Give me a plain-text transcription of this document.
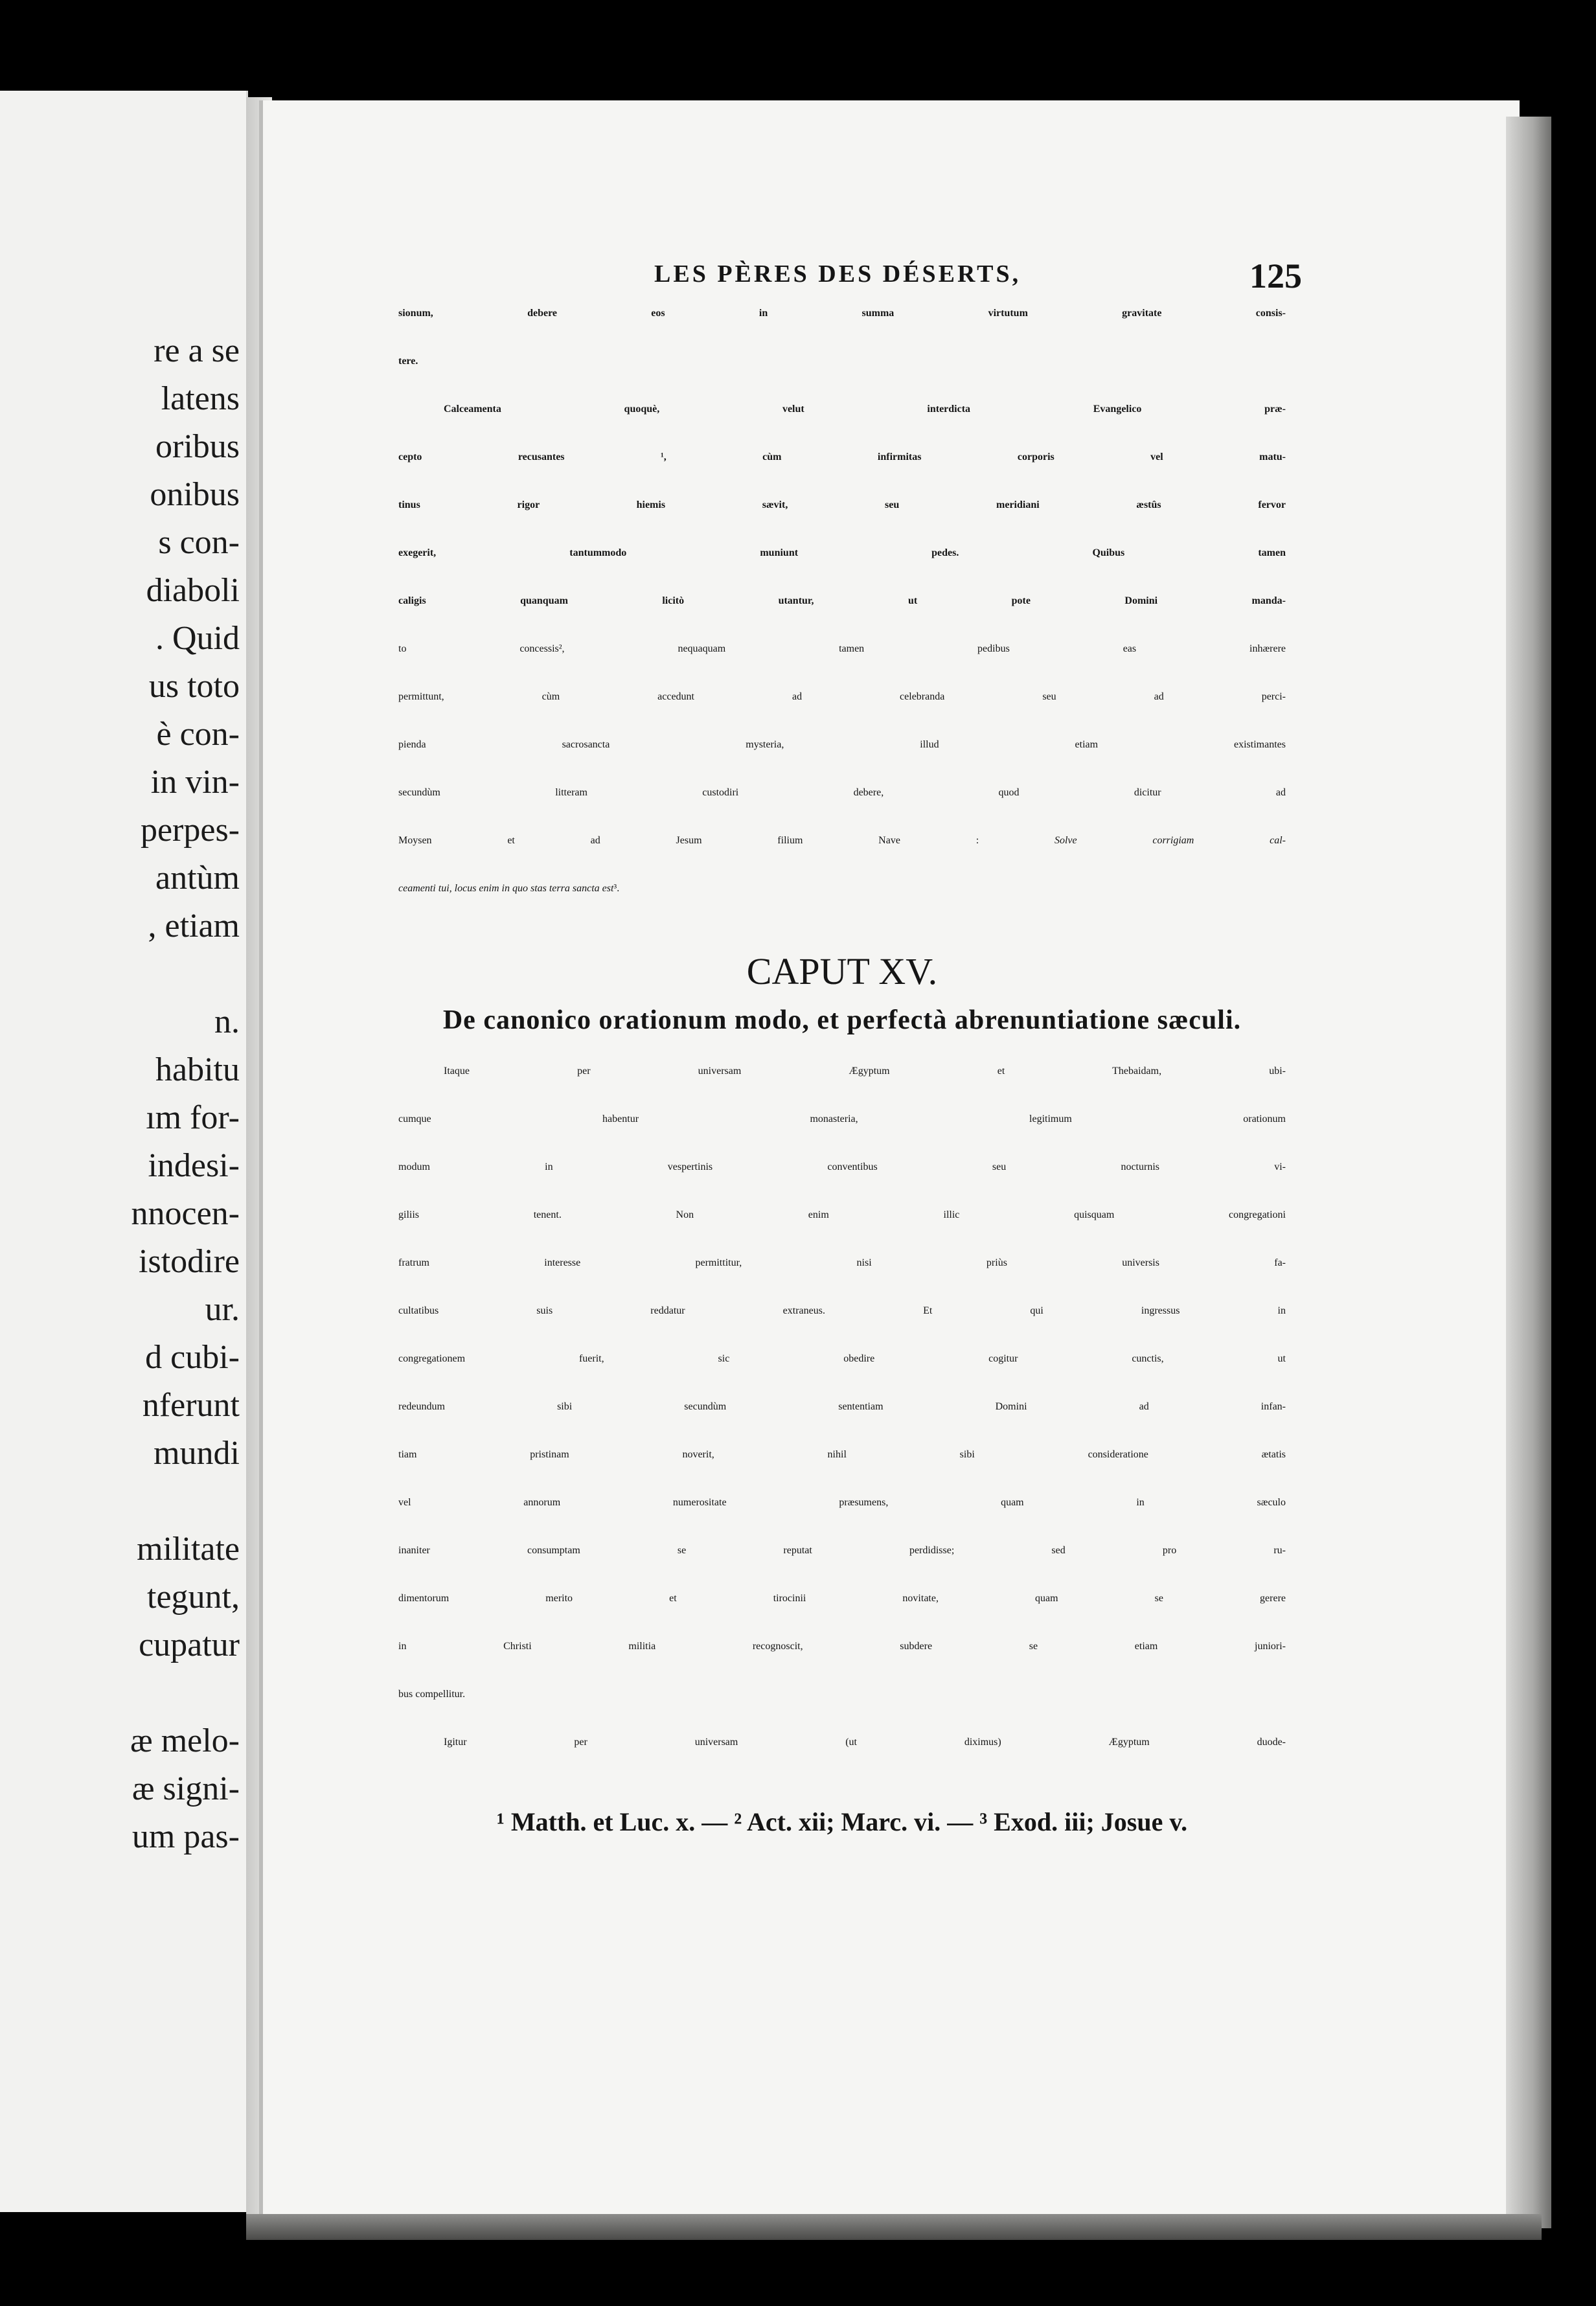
re a se
latens
oribus
onibus
s con-
diaboli
. Quid
us toto
è con-
in vin-
perpes-
antùm
, etiam
n.
habitu
ım for-
indesi-
nnocen-
istodire
ur.
d cubi-
nferunt
mundi
militate
tegunt,
cupatur
æ melo-
æ signi-
um pas-
LES PÈRES DES DÉSERTS,	125
sionum, debere eos in summa virtutum gravitate consis-
tere.
Calceamenta quoquè, velut interdicta Evangelico præ-
cepto recusantes ¹, cùm infirmitas corporis vel matu-
tinus rigor hiemis sævit, seu meridiani æstûs fervor
exegerit, tantummodo muniunt pedes. Quibus tamen
caligis quanquam licitò utantur, ut pote Domini manda-
to concessis², nequaquam tamen pedibus eas inhærere
permittunt, cùm accedunt ad celebranda seu ad perci-
pienda sacrosancta mysteria, illud etiam existimantes
secundùm litteram custodiri debere, quod dicitur ad
Moysen et ad Jesum filium Nave :	Solve corrigiam cal-
ceamenti tui, locus enim in quo stas terra sancta est³.
CAPUT XV.
De canonico orationum modo, et perfectà abrenuntiatione sæculi.
Itaque per universam Ægyptum et Thebaidam, ubi-
cumque habentur monasteria, legitimum orationum
modum in vespertinis conventibus seu nocturnis vi-
giliis tenent. Non enim illic quisquam congregationi
fratrum interesse permittitur, nisi priùs universis fa-
cultatibus suis reddatur extraneus. Et qui ingressus in
congregationem fuerit, sic obedire cogitur cunctis, ut
redeundum sibi secundùm sententiam Domini ad infan-
tiam pristinam noverit, nihil sibi consideratione ætatis
vel annorum numerositate præsumens, quam in sæculo
inaniter consumptam se reputat perdidisse; sed pro ru-
dimentorum merito et tirocinii novitate, quam se gerere
in Christi militia recognoscit, subdere se etiam juniori-
bus compellitur.
Igitur per universam (ut diximus) Ægyptum duode-
¹ Matth. et Luc. x. — ² Act. xii; Marc. vi. — ³ Exod. iii; Josue v.
